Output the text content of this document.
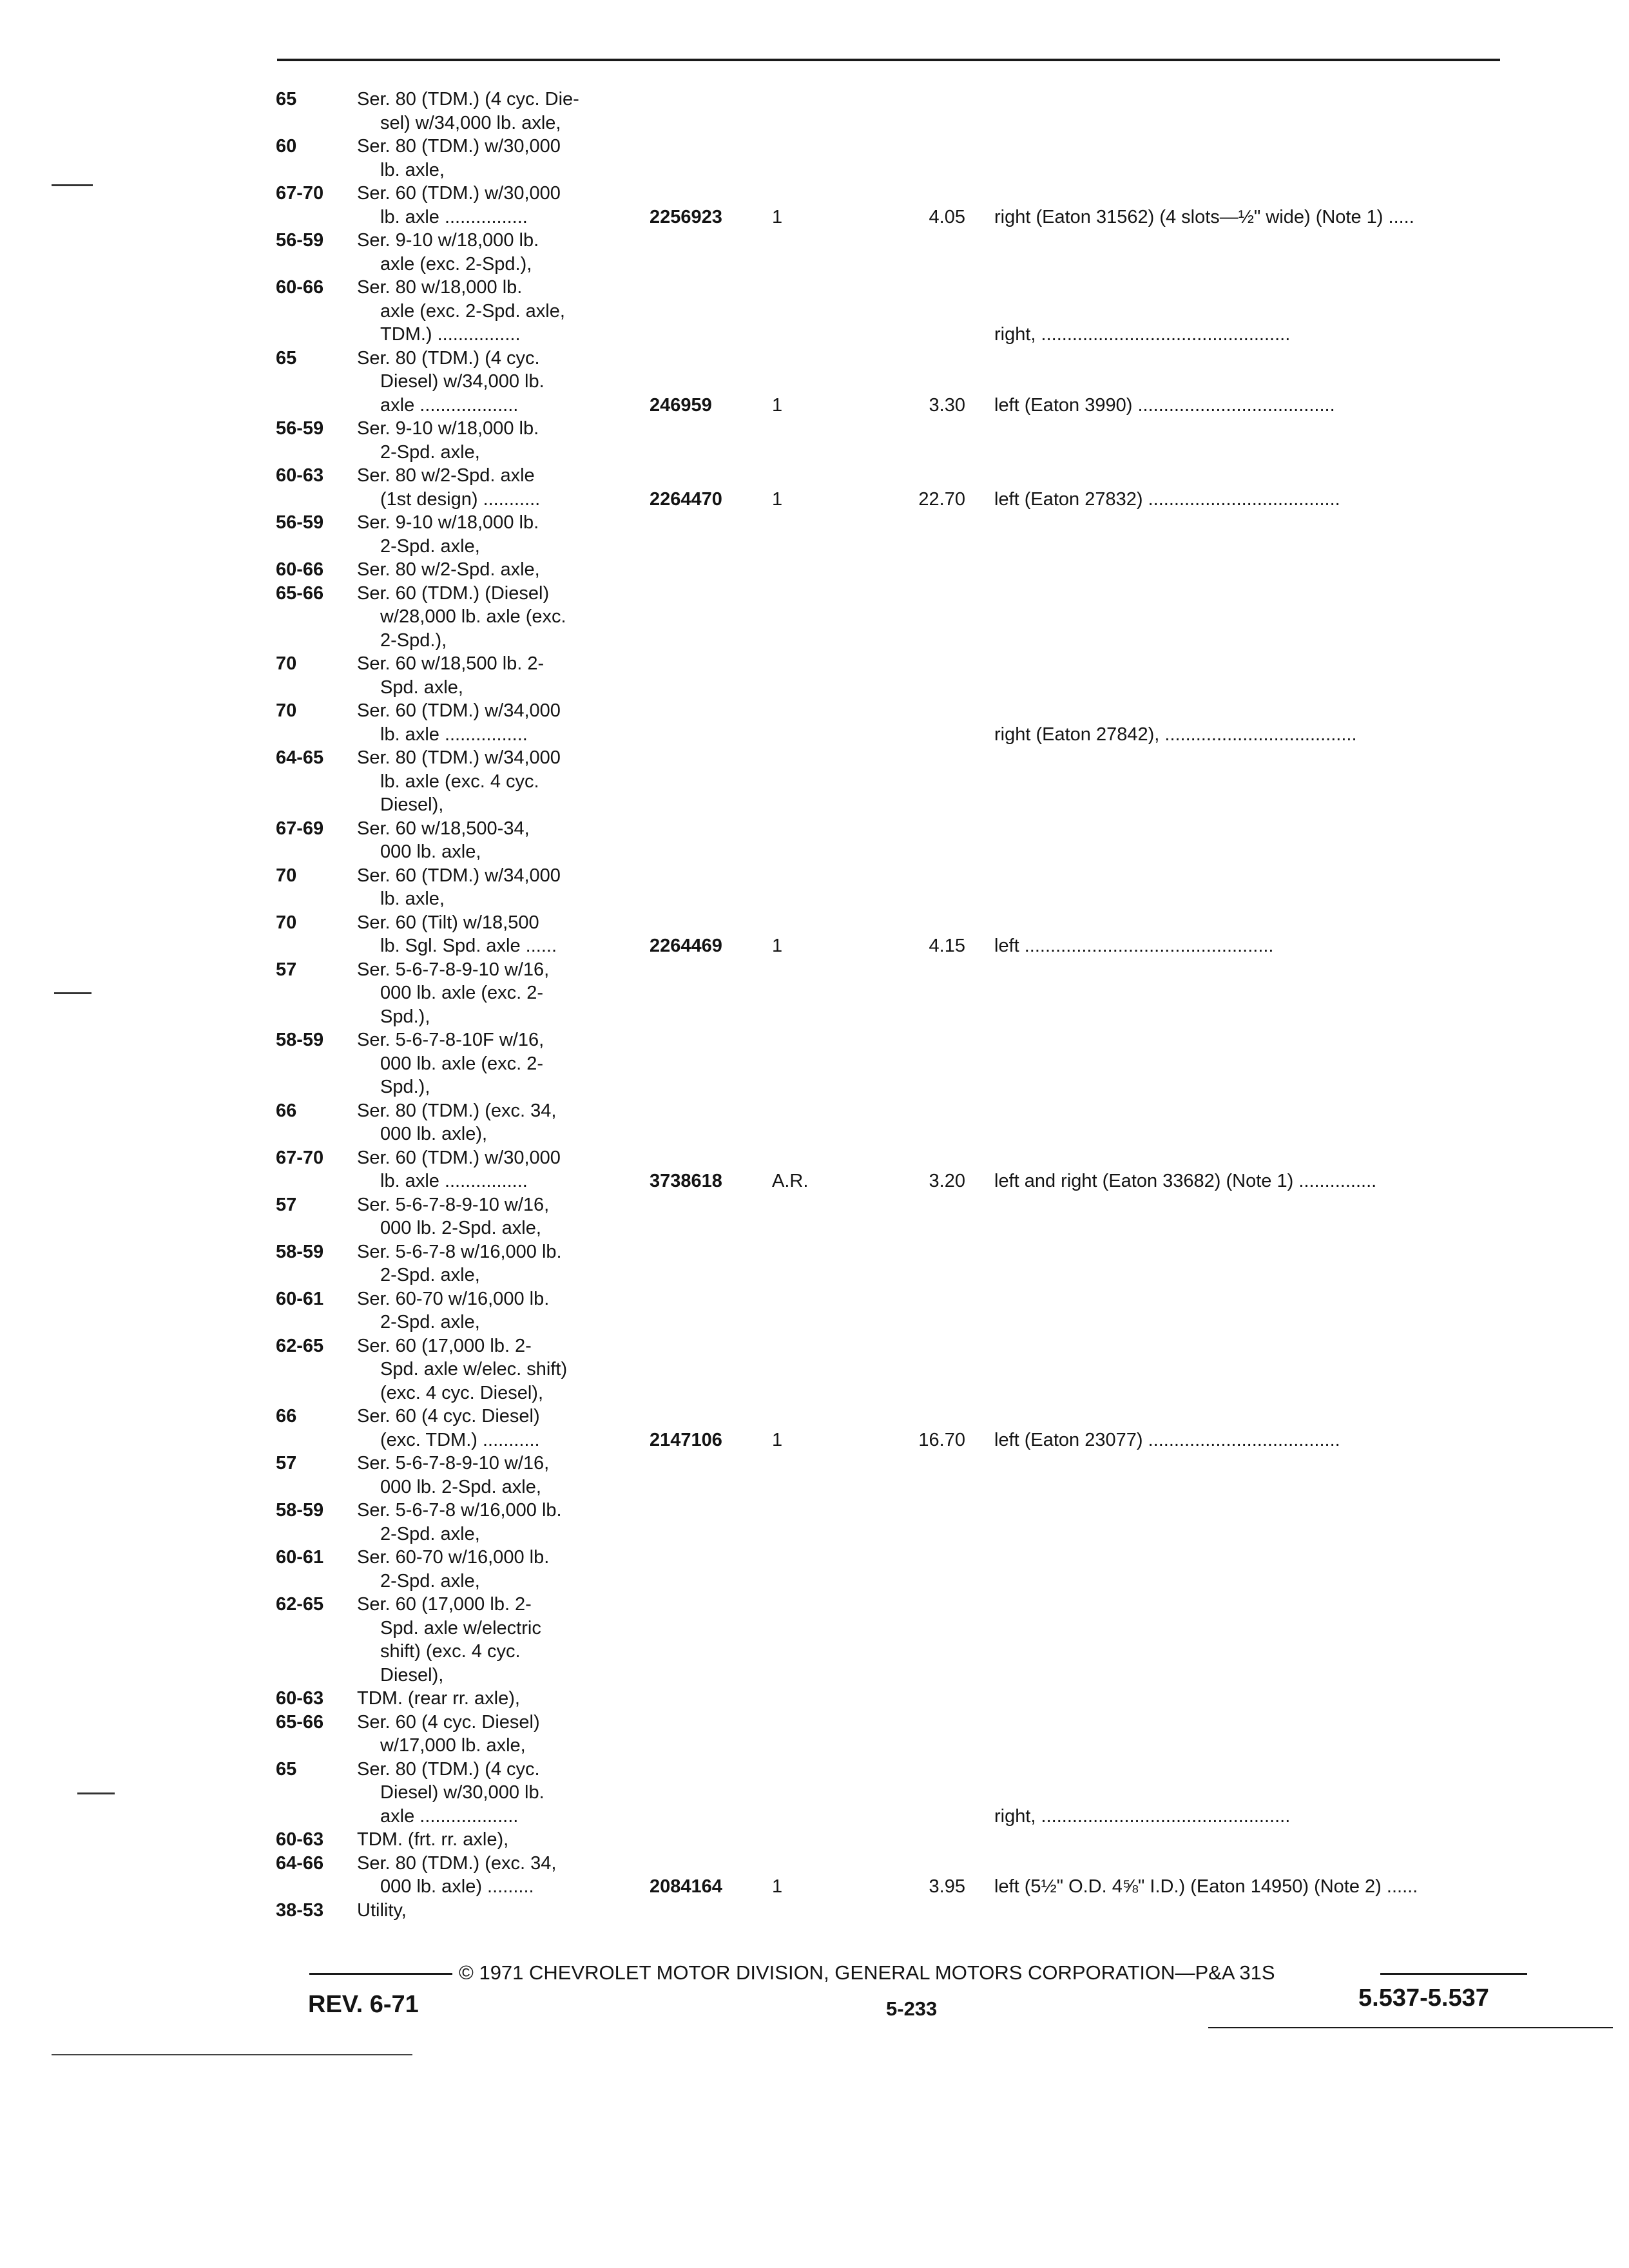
65	Ser. 80 (TDM.) (4 cyc. Die-
sel) w/34,000 lb. axle,
60	Ser. 80 (TDM.) w/30,000
lb. axle,
67-70 Ser. 60 (TDM.) w/30,000
lb. axle ................	2256923	1	4.05 right (Eaton 31562) (4 slots—½" wide) (Note 1) .....
56-59 Ser. 9-10 w/18,000 lb.
axle (exc. 2-Spd.),
60-66 Ser. 80 w/18,000 lb.
axle (exc. 2-Spd. axle,
TDM.) ................	right, ................................................
65	Ser. 80 (TDM.) (4 cyc.
Diesel) w/34,000 lb.
axle ...................	246959	1	3.30 left (Eaton 3990) ......................................
56-59 Ser. 9-10 w/18,000 lb.
2-Spd. axle,
60-63 Ser. 80 w/2-Spd. axle
(1st design) ...........	2264470	1	22.70 left (Eaton 27832) .....................................
56-59 Ser. 9-10 w/18,000 lb.
2-Spd. axle,
60-66 Ser. 80 w/2-Spd. axle,
65-66 Ser. 60 (TDM.) (Diesel)
w/28,000 lb. axle (exc.
2-Spd.),
70	Ser. 60 w/18,500 lb. 2-
Spd. axle,
70	Ser. 60 (TDM.) w/34,000
lb. axle ................	right (Eaton 27842), .....................................
64-65 Ser. 80 (TDM.) w/34,000
lb. axle (exc. 4 cyc.
Diesel),
67-69 Ser. 60 w/18,500-34,
000 lb. axle,
70	Ser. 60 (TDM.) w/34,000
lb. axle,
70	Ser. 60 (Tilt) w/18,500
lb. Sgl. Spd. axle ......	2264469	1	4.15 left ................................................
57	Ser. 5-6-7-8-9-10 w/16,
000 lb. axle (exc. 2-
Spd.),
58-59 Ser. 5-6-7-8-10F w/16,
000 lb. axle (exc. 2-
Spd.),
66	Ser. 80 (TDM.) (exc. 34,
000 lb. axle),
67-70 Ser. 60 (TDM.) w/30,000
lb. axle ................	3738618	A.R.	3.20 left and right (Eaton 33682) (Note 1) ...............
57	Ser. 5-6-7-8-9-10 w/16,
000 lb. 2-Spd. axle,
58-59 Ser. 5-6-7-8 w/16,000 lb.
2-Spd. axle,
60-61 Ser. 60-70 w/16,000 lb.
2-Spd. axle,
62-65 Ser. 60 (17,000 lb. 2-
Spd. axle w/elec. shift)
(exc. 4 cyc. Diesel),
66	Ser. 60 (4 cyc. Diesel)
(exc. TDM.) ...........	2147106	1	16.70 left (Eaton 23077) .....................................
57	Ser. 5-6-7-8-9-10 w/16,
000 lb. 2-Spd. axle,
58-59 Ser. 5-6-7-8 w/16,000 lb.
2-Spd. axle,
60-61 Ser. 60-70 w/16,000 lb.
2-Spd. axle,
62-65 Ser. 60 (17,000 lb. 2-
Spd. axle w/electric
shift) (exc. 4 cyc.
Diesel),
60-63 TDM. (rear rr. axle),
65-66 Ser. 60 (4 cyc. Diesel)
w/17,000 lb. axle,
65	Ser. 80 (TDM.) (4 cyc.
Diesel) w/30,000 lb.
axle ...................	right, ................................................
60-63 TDM. (frt. rr. axle),
64-66 Ser. 80 (TDM.) (exc. 34,
000 lb. axle) .........	2084164	1	3.95 left (5½" O.D. 4⅝" I.D.) (Eaton 14950) (Note 2) ......
38-53 Utility,
© 1971 CHEVROLET MOTOR DIVISION, GENERAL MOTORS CORPORATION—P&A 31S
REV. 6-71	5-233	5.537-5.537
